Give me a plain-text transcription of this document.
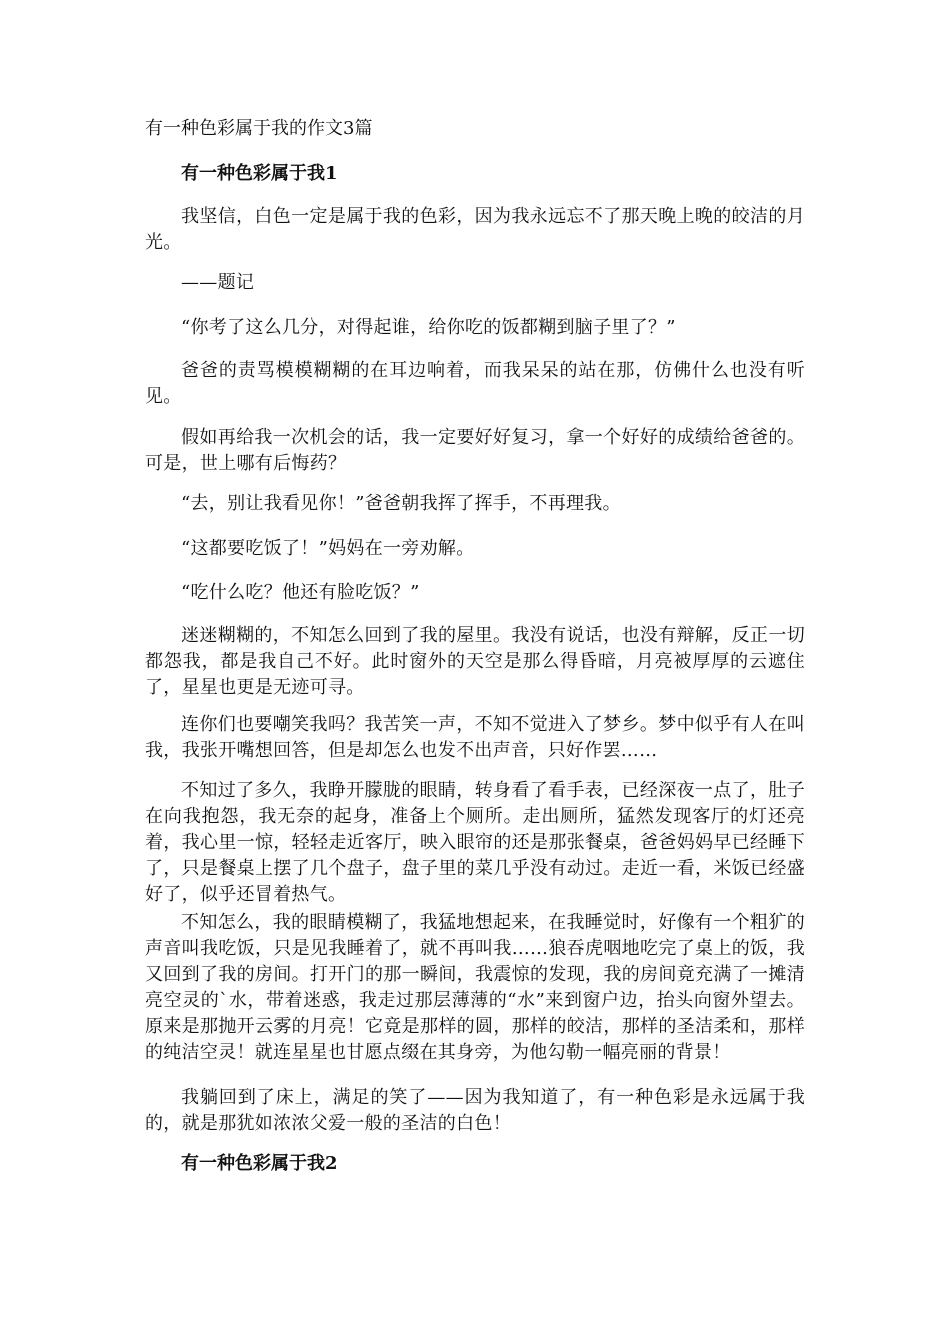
有一种色彩属于我的作文3篇
有一种色彩属于我1

我坚信，白色一定是属于我的色彩，因为我永远忘不了那天晚上晚的皎洁的月光。

——题记

“你考了这么几分，对得起谁，给你吃的饭都糊到脑子里了？”

爸爸的责骂模模糊糊的在耳边响着，而我呆呆的站在那，仿佛什么也没有听见。

假如再给我一次机会的话，我一定要好好复习，拿一个好好的成绩给爸爸的。可是，世上哪有后悔药？

“去，别让我看见你！”爸爸朝我挥了挥手，不再理我。

“这都要吃饭了！”妈妈在一旁劝解。

“吃什么吃？他还有脸吃饭？”

迷迷糊糊的，不知怎么回到了我的屋里。我没有说话，也没有辩解，反正一切都怨我，都是我自己不好。此时窗外的天空是那么得昏暗，月亮被厚厚的云遮住了，星星也更是无迹可寻。

连你们也要嘲笑我吗？我苦笑一声，不知不觉进入了梦乡。梦中似乎有人在叫我，我张开嘴想回答，但是却怎么也发不出声音，只好作罢……

不知过了多久，我睁开朦胧的眼睛，转身看了看手表，已经深夜一点了，肚子在向我抱怨，我无奈的起身，准备上个厕所。走出厕所，猛然发现客厅的灯还亮着，我心里一惊，轻轻走近客厅，映入眼帘的还是那张餐桌，爸爸妈妈早已经睡下了，只是餐桌上摆了几个盘子，盘子里的菜几乎没有动过。走近一看，米饭已经盛好了，似乎还冒着热气。

不知怎么，我的眼睛模糊了，我猛地想起来，在我睡觉时，好像有一个粗犷的声音叫我吃饭，只是见我睡着了，就不再叫我……狼吞虎咽地吃完了桌上的饭，我又回到了我的房间。打开门的那一瞬间，我震惊的发现，我的房间竟充满了一摊清亮空灵的`水，带着迷惑，我走过那层薄薄的“水”来到窗户边，抬头向窗外望去。原来是那抛开云雾的月亮！它竟是那样的圆，那样的皎洁，那样的圣洁柔和，那样的纯洁空灵！就连星星也甘愿点缀在其身旁，为他勾勒一幅亮丽的背景！

我躺回到了床上，满足的笑了——因为我知道了，有一种色彩是永远属于我的，就是那犹如浓浓父爱一般的圣洁的白色！

有一种色彩属于我2
